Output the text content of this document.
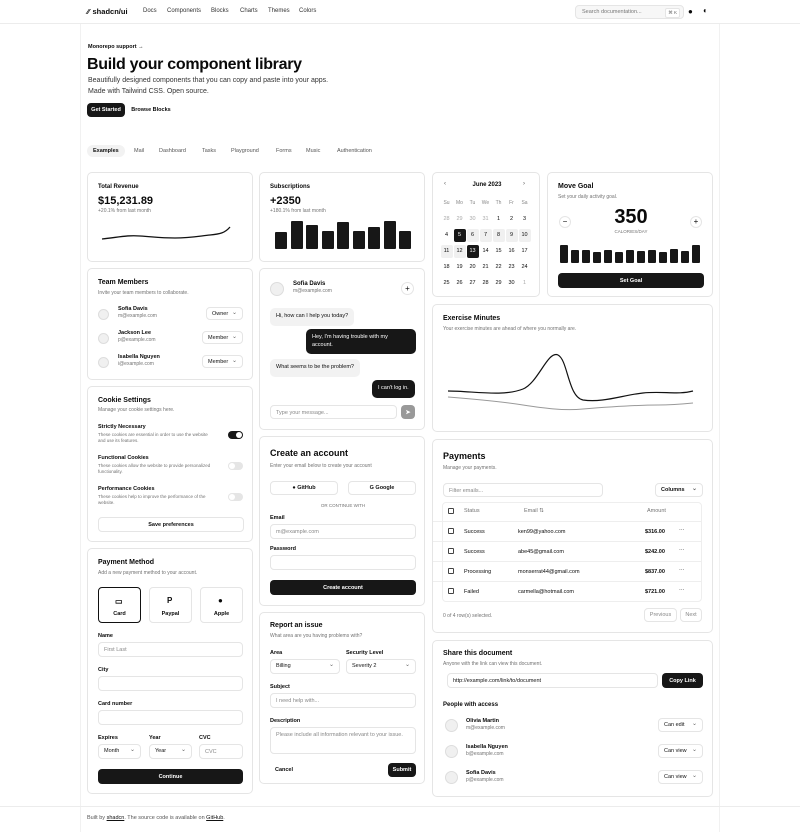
⁄⁄ shadcn/ui	Docs Components Blocks Charts Themes Colors	Search documentation...	⌘ K	● ◐
Monorepo support →
Build your component library
Beautifully designed components that you can copy and paste into your apps.
Made with Tailwind CSS. Open source.
Get Started	Browse Blocks
Examples	Mail	Dashboard	Tasks	Playground	Forms	Music	Authentication
Total Revenue
$15,231.89
+20.1% from last month
Subscriptions
+2350
+180.1% from last month
‹	June 2023	›
Su	Mo	Tu	We	Th	Fr	Sa
28	29	30	31	1	2	3
4	5	6	7	8	9	10
11	12	13	14	15	16	17
18	19	20	21	22	23	24
25	26	27	28	29	30	1
Move Goal
Set your daily activity goal.
−	+
350
CALORIES/DAY
Set Goal
Team Members
Invite your team members to collaborate.
Sofia Davis
m@example.com	Owner ⌄
Jackson Lee
p@example.com	Member ⌄
Isabella Nguyen
i@example.com	Member ⌄
Sofia Davis
m@example.com	+
Hi, how can I help you today?
Hey, I'm having trouble with my account.
What seems to be the problem?
I can't log in.
Type your message...	➤
Exercise Minutes
Your exercise minutes are ahead of where you normally are.
Cookie Settings
Manage your cookie settings here.
Strictly Necessary
These cookies are essential in order to use the website and use its features.
Functional Cookies
These cookies allow the website to provide personalized functionality.
Performance Cookies
These cookies help to improve the performance of the website.
Save preferences
Create an account
Enter your email below to create your account
● GitHub	G Google
OR CONTINUE WITH
Email
m@example.com
Password
Create account
Payments
Manage your payments.
Filter emails...	Columns ⌄
Status	Email ⇅	Amount
Success	ken99@yahoo.com	$316.00	···
Success	abe45@gmail.com	$242.00	···
Processing	monserrat44@gmail.com	$837.00	···
Failed	carmella@hotmail.com	$721.00	···
0 of 4 row(s) selected.	Previous	Next
Payment Method
Add a new payment method to your account.
▭
Card
P
Paypal
●
Apple
Name
First Last
City
Card number
Expires
Month ⌄
Year
Year ⌄
CVC
CVC
Continue
Report an issue
What area are you having problems with?
Area
Billing ⌄
Security Level
Severity 2 ⌄
Subject
I need help with...
Description
Please include all information relevant to your issue.
Cancel	Submit
Share this document
Anyone with the link can view this document.
http://example.com/link/to/document	Copy Link
People with access
Olivia Martin
m@example.com	Can edit ⌄
Isabella Nguyen
b@example.com	Can view ⌄
Sofia Davis
p@example.com	Can view ⌄
Built by shadcn. The source code is available on GitHub.
